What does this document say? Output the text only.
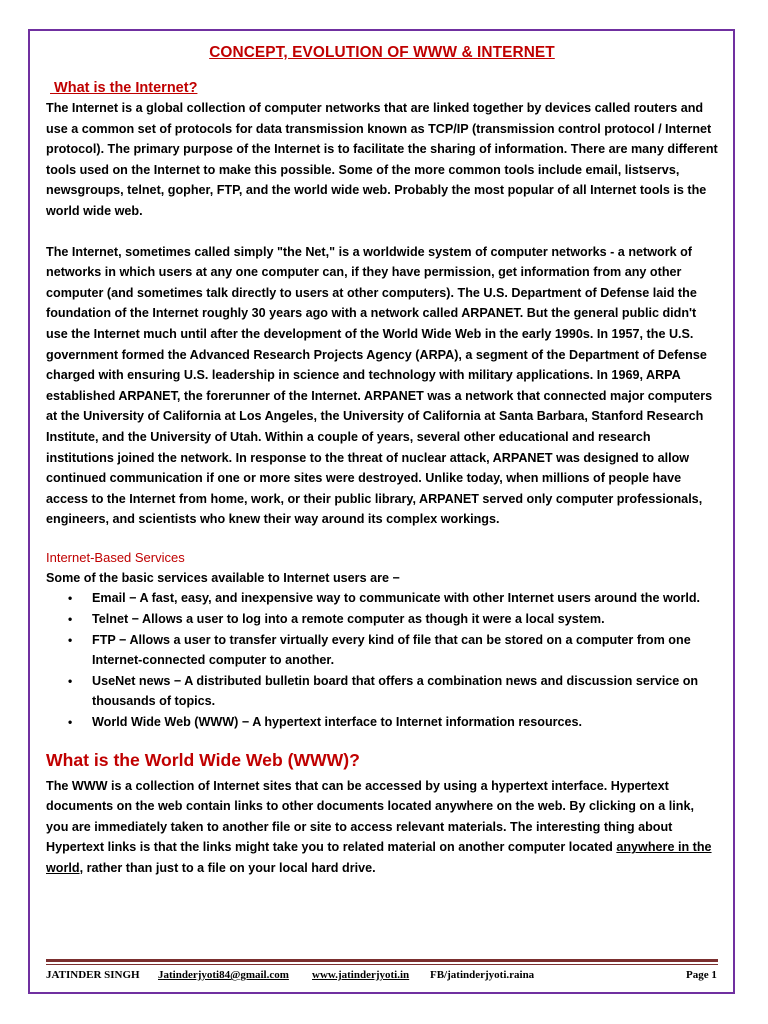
CONCEPT, EVOLUTION OF WWW & INTERNET
What is the Internet?

The Internet is a global collection of computer networks that are linked together by devices called routers and use a common set of protocols for data transmission known as TCP/IP (transmission control protocol / Internet protocol). The primary purpose of the Internet is to facilitate the sharing of information. There are many different tools used on the Internet to make this possible. Some of the more common tools include email, listservs, newsgroups, telnet, gopher, FTP, and the world wide web. Probably the most popular of all Internet tools is the world wide web.

The Internet, sometimes called simply "the Net," is a worldwide system of computer networks - a network of networks in which users at any one computer can, if they have permission, get information from any other computer (and sometimes talk directly to users at other computers). The U.S. Department of Defense laid the foundation of the Internet roughly 30 years ago with a network called ARPANET. But the general public didn't use the Internet much until after the development of the World Wide Web in the early 1990s. In 1957, the U.S. government formed the Advanced Research Projects Agency (ARPA), a segment of the Department of Defense charged with ensuring U.S. leadership in science and technology with military applications. In 1969, ARPA established ARPANET, the forerunner of the Internet. ARPANET was a network that connected major computers at the University of California at Los Angeles, the University of California at Santa Barbara, Stanford Research Institute, and the University of Utah. Within a couple of years, several other educational and research institutions joined the network. In response to the threat of nuclear attack, ARPANET was designed to allow continued communication if one or more sites were destroyed. Unlike today, when millions of people have access to the Internet from home, work, or their public library, ARPANET served only computer professionals, engineers, and scientists who knew their way around its complex workings.

Internet-Based Services

Some of the basic services available to Internet users are −

• Email − A fast, easy, and inexpensive way to communicate with other Internet users around the world.
• Telnet − Allows a user to log into a remote computer as though it were a local system.
• FTP − Allows a user to transfer virtually every kind of file that can be stored on a computer from one Internet-connected computer to another.
• UseNet news − A distributed bulletin board that offers a combination news and discussion service on thousands of topics.
• World Wide Web (WWW) − A hypertext interface to Internet information resources.
What is the World Wide Web (WWW)?

The WWW is a collection of Internet sites that can be accessed by using a hypertext interface. Hypertext documents on the web contain links to other documents located anywhere on the web. By clicking on a link, you are immediately taken to another file or site to access relevant materials. The interesting thing about Hypertext links is that the links might take you to related material on another computer located anywhere in the world, rather than just to a file on your local hard drive.

JATINDER SINGH Jatinderjyoti84@gmail.com www.jatinderjyoti.in FB/jatinderjyoti.raina	Page 1
